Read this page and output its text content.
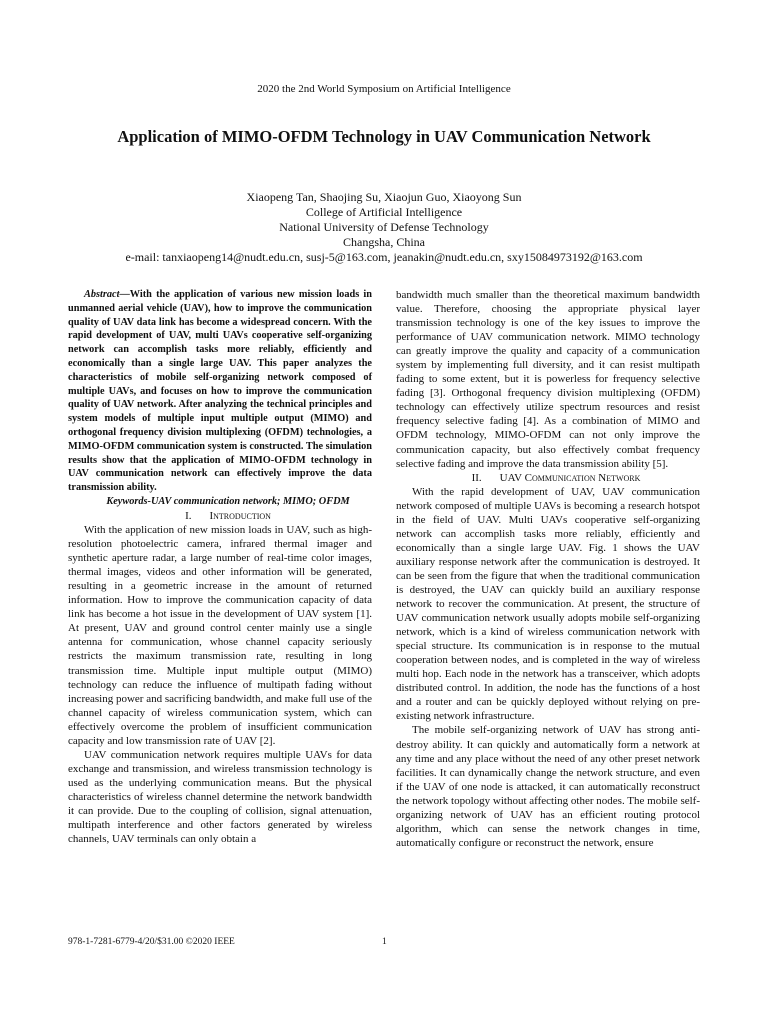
2020 the 2nd World Symposium on Artificial Intelligence
Application of MIMO-OFDM Technology in UAV Communication Network
Xiaopeng Tan, Shaojing Su, Xiaojun Guo, Xiaoyong Sun
College of Artificial Intelligence
National University of Defense Technology
Changsha, China
e-mail: tanxiaopeng14@nudt.edu.cn, susj-5@163.com, jeanakin@nudt.edu.cn, sxy15084973192@163.com

Abstract—With the application of various new mission loads in unmanned aerial vehicle (UAV), how to improve the communication quality of UAV data link has become a widespread concern. With the rapid development of UAV, multi UAVs cooperative self-organizing network can accomplish tasks more reliably, efficiently and economically than a single large UAV. This paper analyzes the characteristics of mobile self-organizing network composed of multiple UAVs, and focuses on how to improve the communication quality of UAV network. After analyzing the technical principles and system models of multiple input multiple output (MIMO) and orthogonal frequency division multiplexing (OFDM) technologies, a MIMO-OFDM communication system is constructed. The simulation results show that the application of MIMO-OFDM technology in UAV communication network can effectively improve the data transmission ability.

Keywords-UAV communication network; MIMO; OFDM

I. Introduction

With the application of new mission loads in UAV, such as high-resolution photoelectric camera, infrared thermal imager and synthetic aperture radar, a large number of real-time color images, thermal images, videos and other information will be generated, resulting in a geometric increase in the amount of returned information. How to improve the communication capacity of data link has become a hot issue in the development of UAV system [1]. At present, UAV and ground control center mainly use a single antenna for communication, whose channel capacity seriously restricts the maximum transmission rate, resulting in long transmission time. Multiple input multiple output (MIMO) technology can reduce the influence of multipath fading without increasing power and sacrificing bandwidth, and make full use of the channel capacity of wireless communication system, which can effectively overcome the problem of insufficient communication capacity and low transmission rate of UAV [2].

UAV communication network requires multiple UAVs for data exchange and transmission, and wireless transmission technology is used as the underlying communication means. But the physical characteristics of wireless channel determine the network bandwidth it can provide. Due to the coupling of collision, signal attenuation, multipath interference and other factors generated by wireless channels, UAV terminals can only obtain a

bandwidth much smaller than the theoretical maximum bandwidth value. Therefore, choosing the appropriate physical layer transmission technology is one of the key issues to improve the performance of UAV communication network. MIMO technology can greatly improve the quality and capacity of a communication system by implementing full diversity, and it can resist multipath fading to some extent, but it is powerless for frequency selective fading [3]. Orthogonal frequency division multiplexing (OFDM) technology can effectively utilize spectrum resources and resist frequency selective fading [4]. As a combination of MIMO and OFDM technology, MIMO-OFDM can not only improve the communication capacity, but also effectively combat frequency selective fading and improve the data transmission ability [5].

II. UAV Communication Network

With the rapid development of UAV, UAV communication network composed of multiple UAVs is becoming a research hotspot in the field of UAV. Multi UAVs cooperative self-organizing network can accomplish tasks more reliably, efficiently and economically than a single large UAV. Fig. 1 shows the UAV auxiliary response network after the communication is destroyed. It can be seen from the figure that when the traditional communication is destroyed, the UAV can quickly build an auxiliary response network to recover the communication. At present, the structure of UAV communication network usually adopts mobile self-organizing network, which is a kind of wireless communication network with special structure. Its communication is in response to the mutual cooperation between nodes, and is completed in the way of wireless multi hop. Each node in the network has a transceiver, which adopts distributed control. In addition, the node has the functions of a host and a router and can be quickly deployed without relying on pre-existing network infrastructure.

The mobile self-organizing network of UAV has strong anti-destroy ability. It can quickly and automatically form a network at any time and any place without the need of any other preset network facilities. It can dynamically change the network structure, and even if the UAV of one node is attacked, it can automatically reconstruct the network topology without affecting other nodes. The mobile self-organizing network of UAV has an efficient routing protocol algorithm, which can sense the network changes in time, automatically configure or reconstruct the network, ensure

978-1-7281-6779-4/20/$31.00 ©2020 IEEE	1
